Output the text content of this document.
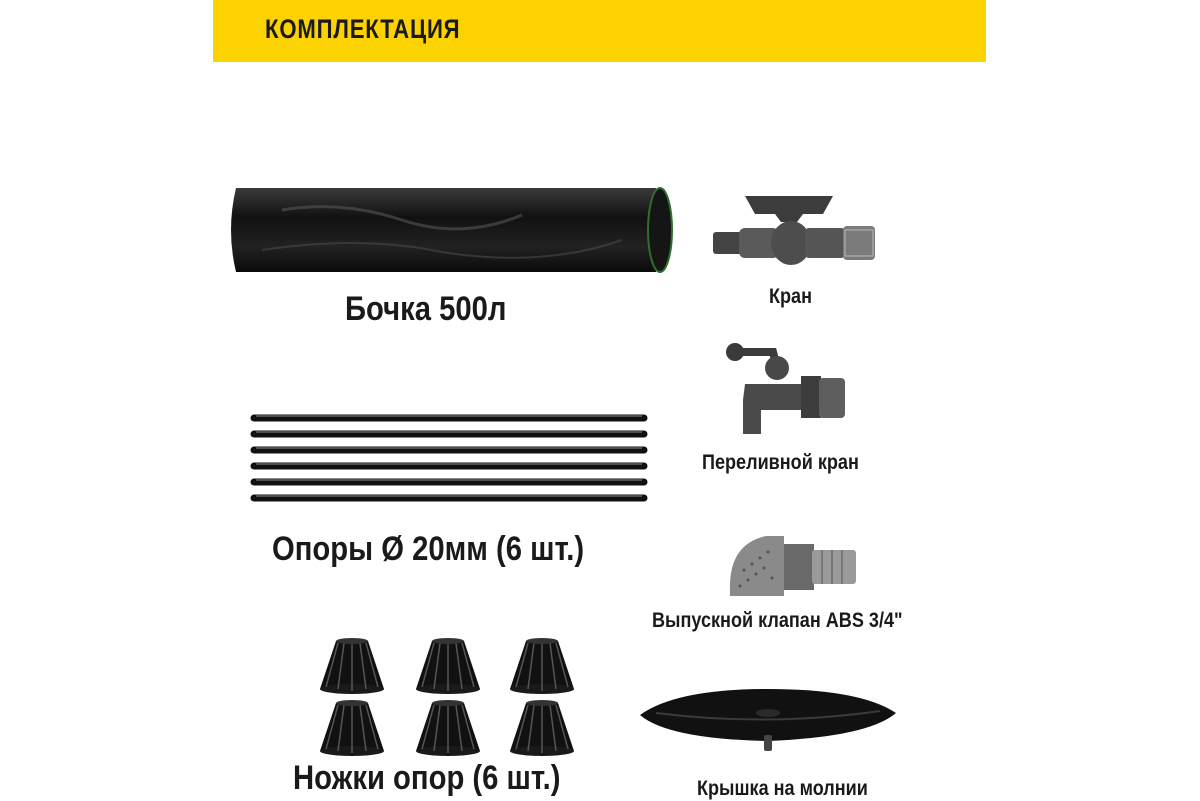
КОМПЛЕКТАЦИЯ
Бочка 500л	Кран
Переливной кран
Опоры Ø 20мм (6 шт.)
Выпускной клапан ABS 3/4"
Ножки опор (6 шт.)	Крышка на молнии
